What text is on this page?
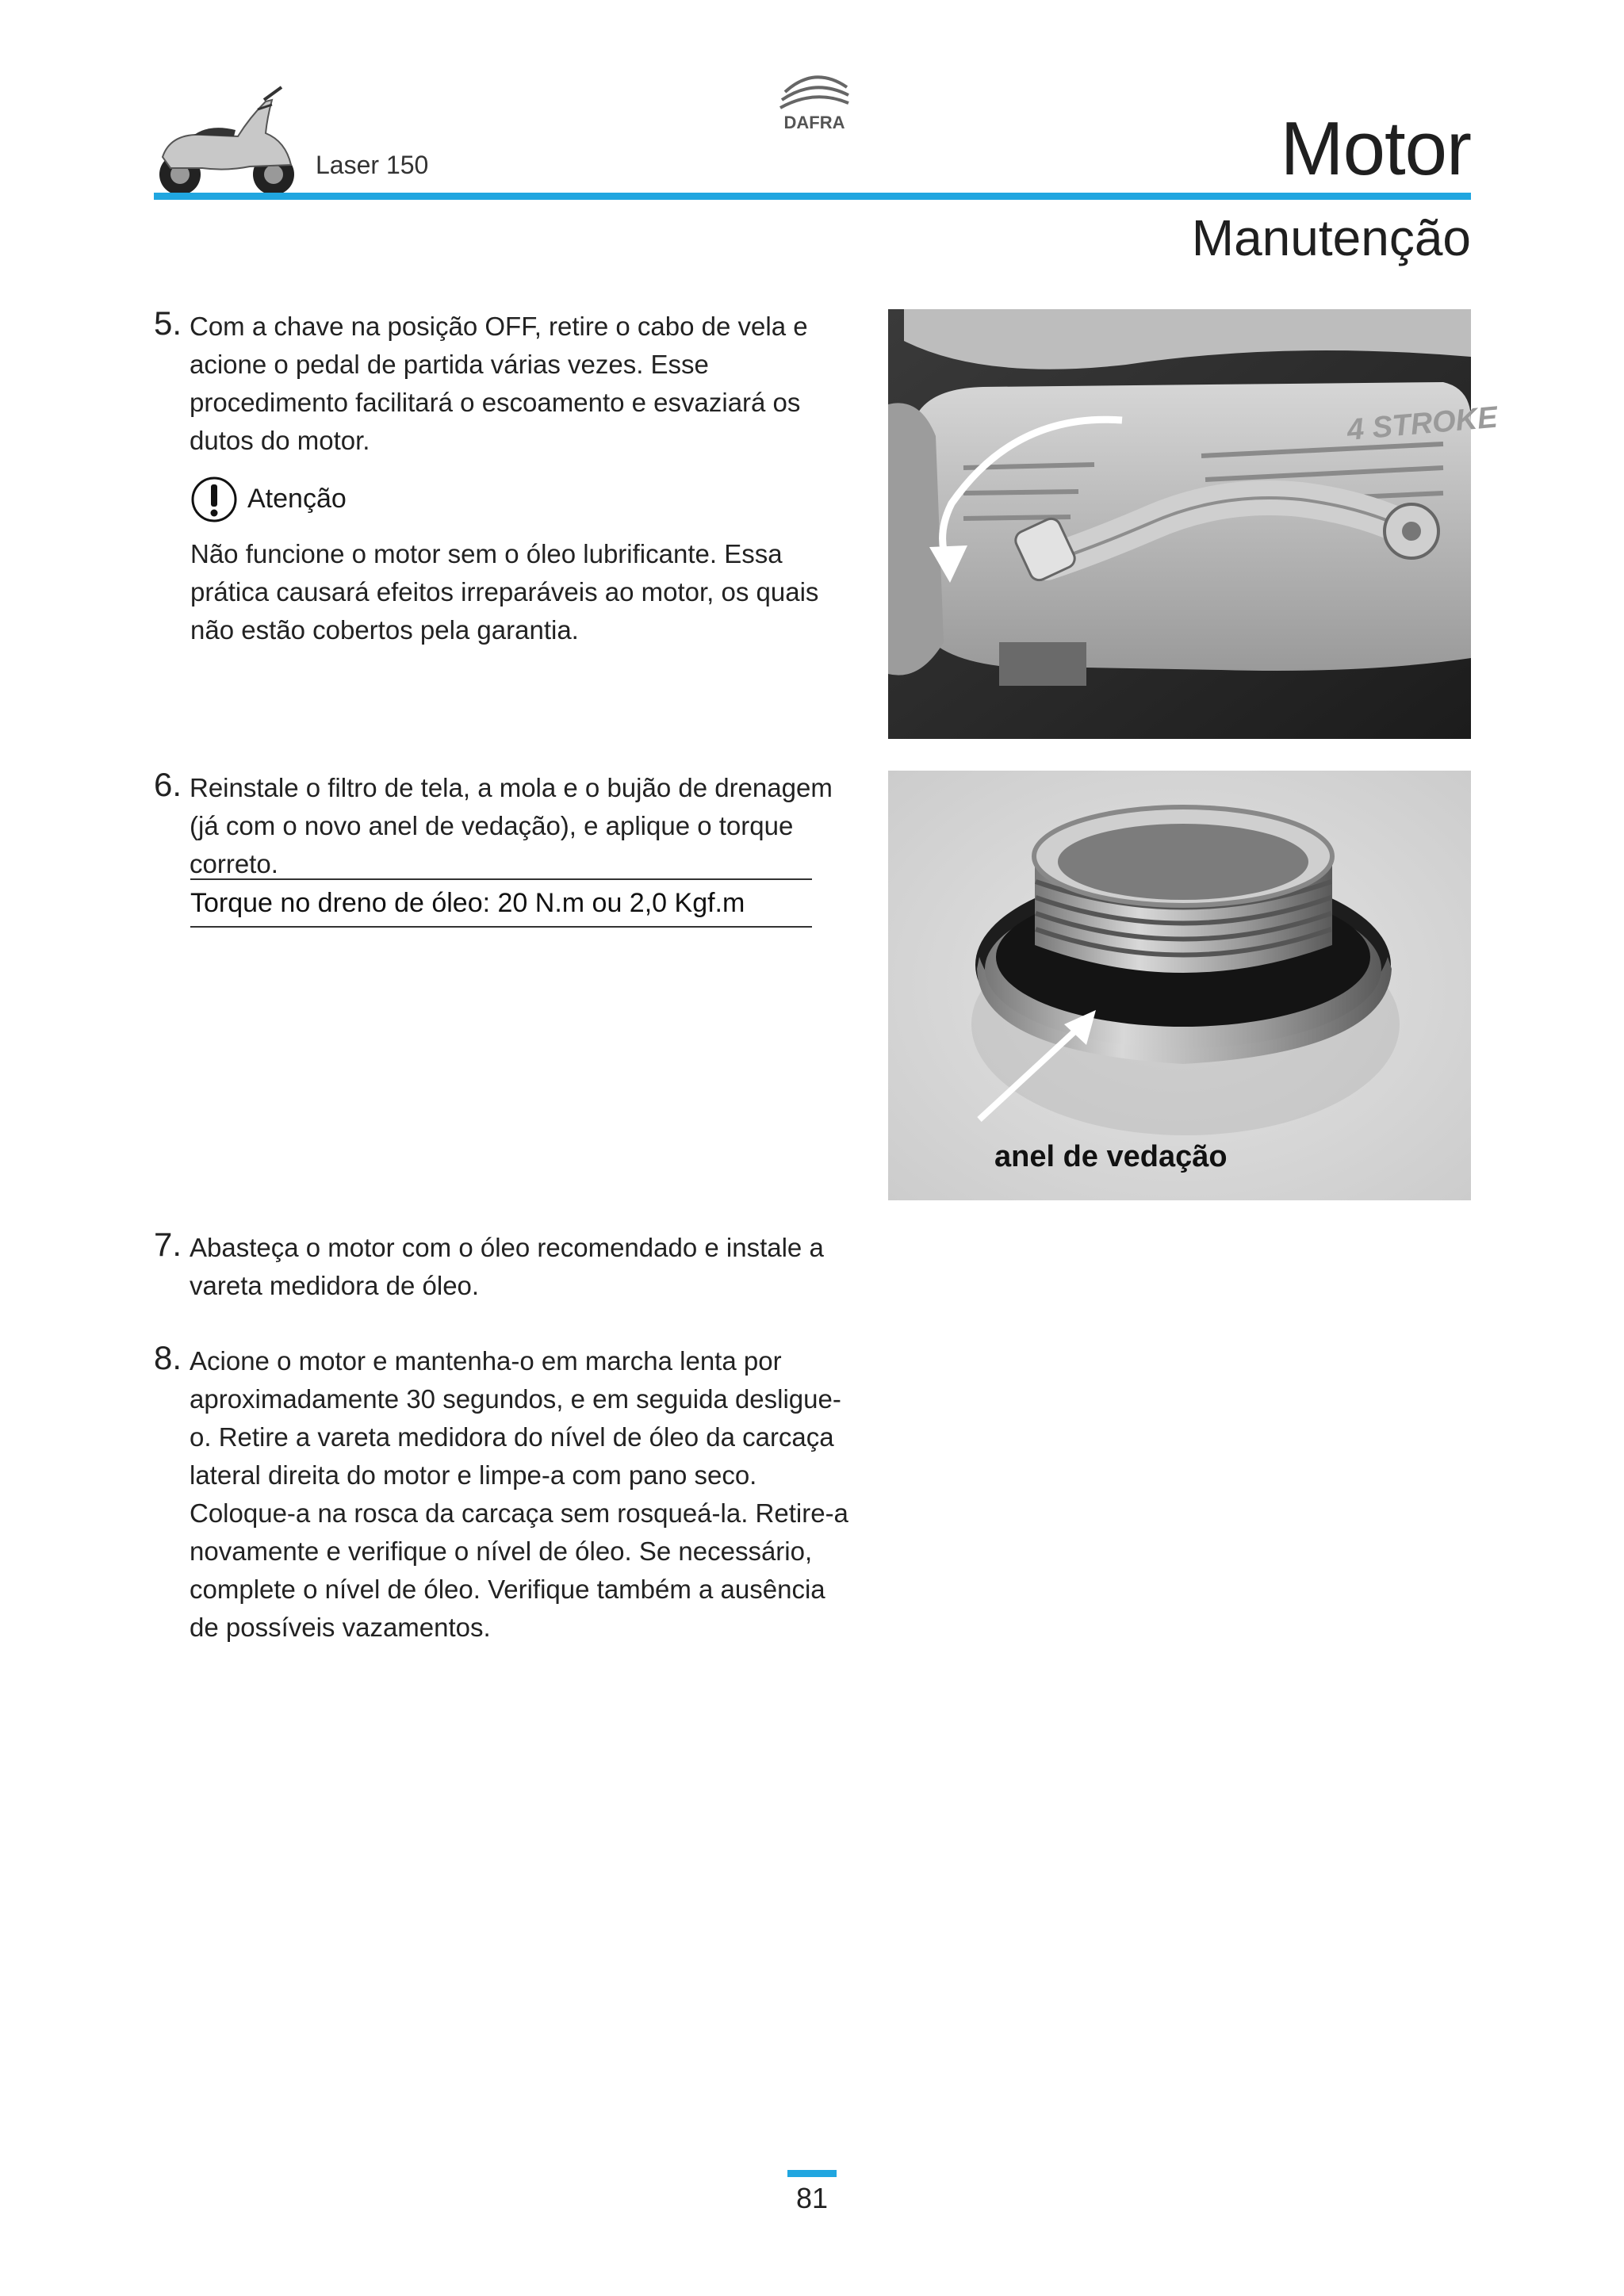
Laser 150
DAFRA	Motor
Manutenção
5. Com a chave na posição OFF, retire o cabo de vela e acione o pedal de partida várias vezes. Esse procedimento facilitará o escoamento e esvaziará os dutos do motor.
Atenção
Não funcione o motor sem o óleo lubrificante. Essa prática causará efeitos irreparáveis ao motor, os quais não estão cobertos pela garantia.
6. Reinstale o filtro de tela, a mola e o bujão de drenagem (já com o novo anel de vedação), e aplique o torque correto.
Torque no dreno de óleo: 20 N.m ou 2,0 Kgf.m
7. Abasteça o motor com o óleo recomendado e instale a vareta medidora de óleo.
8. Acione o motor e mantenha-o em marcha lenta por aproximadamente 30 segundos, e em seguida desligue-o. Retire a vareta medidora do nível de óleo da carcaça lateral direita do motor e limpe-a com pano seco. Coloque-a na rosca da carcaça sem rosqueá-la. Retire-a novamente e verifique o nível de óleo. Se necessário, complete o nível de óleo. Verifique também a ausência de possíveis vazamentos.
4 STROKE
anel de vedação
81
